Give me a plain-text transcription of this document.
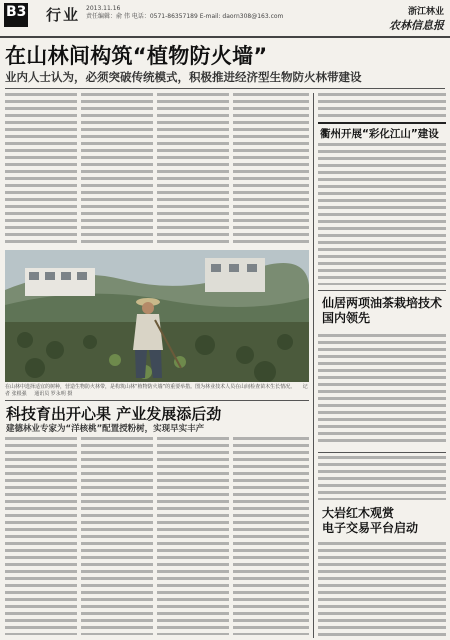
B3 行业 2013.11.16
责任编辑：俞 伟 电话：0571-86357189 E-mail: daorn308@163.com	浙江林业
农林信息报
在山林间构筑“植物防火墙”
业内人士认为，必须突破传统模式，积极推进经济型生物防火林带建设
在山林中选择适宜的树种，营造生物防火林带，是构筑山林“植物防火墙”的重要举措。图为林业技术人员在山间检查苗木生长情况。 记者 张根强 通讯员 罗永明 摄
衢州开展“彩化江山”建设
仙居两项油茶栽培技术
国内领先
科技育出开心果 产业发展添后劲
建德林业专家为“洋核桃”配置授粉树，实现早实丰产
大岩红木观赏
电子交易平台启动
